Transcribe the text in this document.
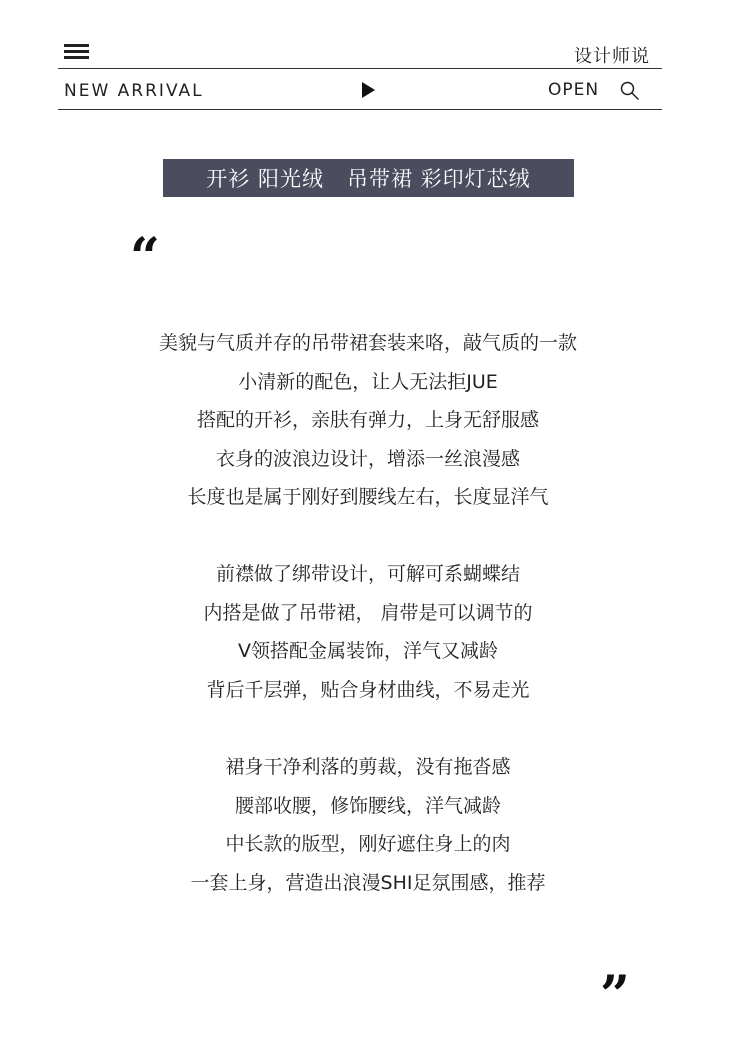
设计师说
NEW ARRIVAL	OPEN
开衫 阳光绒   吊带裙 彩印灯芯绒
“

美貌与气质并存的吊带裙套装来咯，敲气质的一款

小清新的配色，让人无法拒JUE

搭配的开衫，亲肤有弹力，上身无舒服感

衣身的波浪边设计，增添一丝浪漫感

长度也是属于刚好到腰线左右，长度显洋气

前襟做了绑带设计，可解可系蝴蝶结

内搭是做了吊带裙， 肩带是可以调节的

V领搭配金属装饰，洋气又减龄

背后千层弹，贴合身材曲线，不易走光

裙身干净利落的剪裁，没有拖沓感

腰部收腰，修饰腰线，洋气减龄

中长款的版型，刚好遮住身上的肉

一套上身，营造出浪漫SHI足氛围感，推荐

”
